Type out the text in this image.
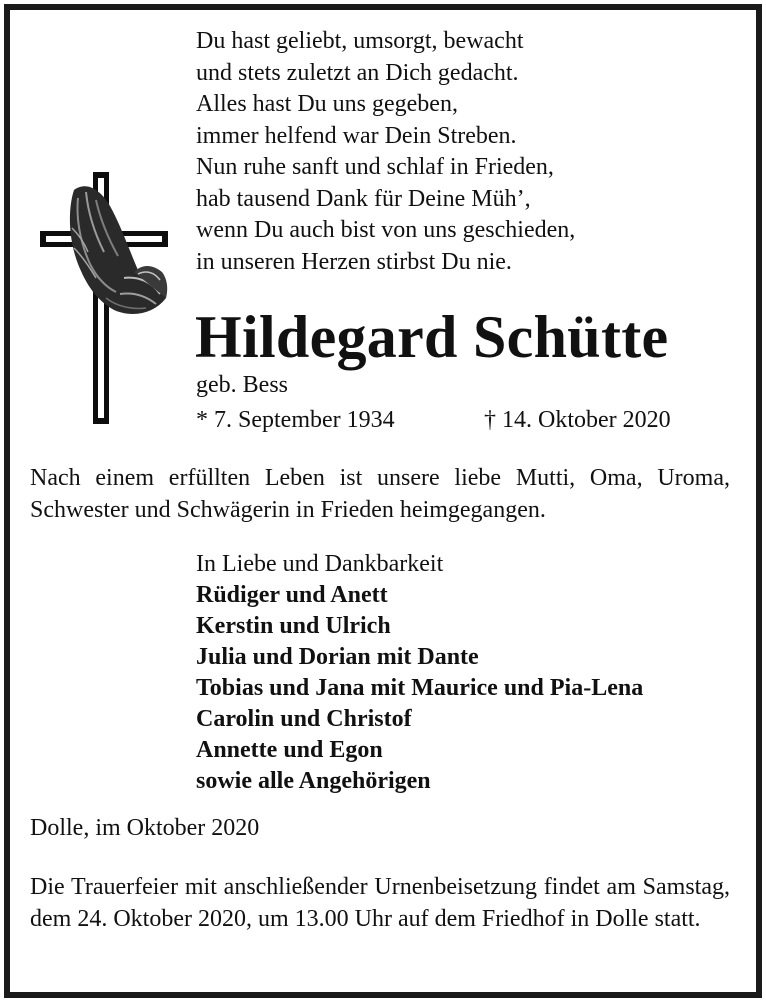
Du hast geliebt, umsorgt, bewacht
und stets zuletzt an Dich gedacht.
Alles hast Du uns gegeben,
immer helfend war Dein Streben.
Nun ruhe sanft und schlaf in Frieden,
hab tausend Dank für Deine Müh’,
wenn Du auch bist von uns geschieden,
in unseren Herzen stirbst Du nie.
Hildegard Schütte
geb. Bess
* 7. September 1934	† 14. Oktober 2020
Nach einem erfüllten Leben ist unsere liebe Mutti, Oma, Uroma, Schwester und Schwägerin in Frieden heimgegangen.
In Liebe und Dankbarkeit
Rüdiger und Anett
Kerstin und Ulrich
Julia und Dorian mit Dante
Tobias und Jana mit Maurice und Pia-Lena
Carolin und Christof
Annette und Egon
sowie alle Angehörigen
Dolle, im Oktober 2020
Die Trauerfeier mit anschließender Urnenbeisetzung findet am Samstag, dem 24. Oktober 2020, um 13.00 Uhr auf dem Friedhof in Dolle statt.
